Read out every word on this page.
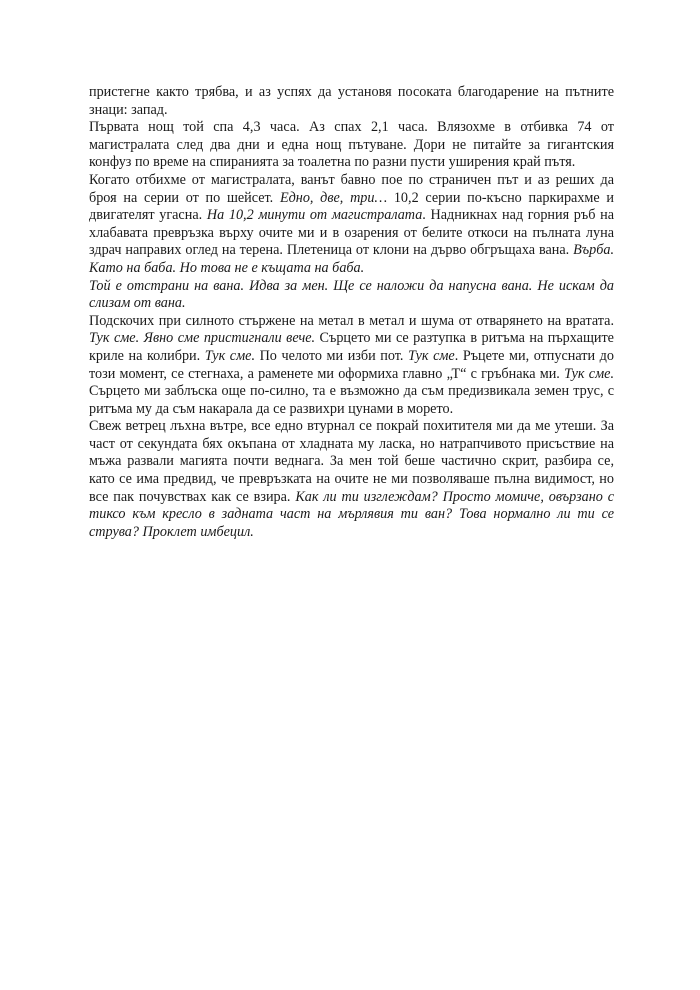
пристегне както трябва, и аз успях да установя посоката благодарение на пътните знаци: запад.

Първата нощ той спа 4,3 часа. Аз спах 2,1 часа. Влязохме в отбивка 74 от магистралата след два дни и една нощ пътуване. Дори не питайте за гигантския конфуз по време на спиранията за тоалетна по разни пусти уширения край пътя.

Когато отбихме от магистралата, ванът бавно пое по страничен път и аз реших да броя на серии от по шейсет. Едно, две, три… 10,2 серии по-късно паркирахме и двигателят угасна. На 10,2 минути от магистралата. Надникнах над горния ръб на хлабавата превръзка върху очите ми и в озарения от белите откоси на пълната луна здрач направих оглед на терена. Плетеница от клони на дърво обгръщаха вана. Върба. Като на баба. Но това не е къщата на баба.

Той е отстрани на вана. Идва за мен. Ще се наложи да напусна вана. Не искам да слизам от вана.

Подскочих при силното стържене на метал в метал и шума от отварянето на вратата. Тук сме. Явно сме пристигнали вече. Сърцето ми се разтупка в ритъма на пърхащите криле на колибри. Тук сме. По челото ми изби пот. Тук сме. Ръцете ми, отпуснати до този момент, се стегнаха, а раменете ми оформиха главно „Т“ с гръбнака ми. Тук сме. Сърцето ми заблъска още по-силно, та е възможно да съм предизвикала земен трус, с ритъма му да съм накарала да се развихри цунами в морето.

Свеж ветрец лъхна вътре, все едно втурнал се покрай похитителя ми да ме утеши. За част от секундата бях окъпана от хладната му ласка, но натрапчивото присъствие на мъжа развали магията почти веднага. За мен той беше частично скрит, разбира се, като се има предвид, че превръзката на очите не ми позволяваше пълна видимост, но все пак почувствах как се взира. Как ли ти изглеждам? Просто момиче, овързано с тиксо към кресло в задната част на мърлявия ти ван? Това нормално ли ти се струва? Проклет имбецил.
